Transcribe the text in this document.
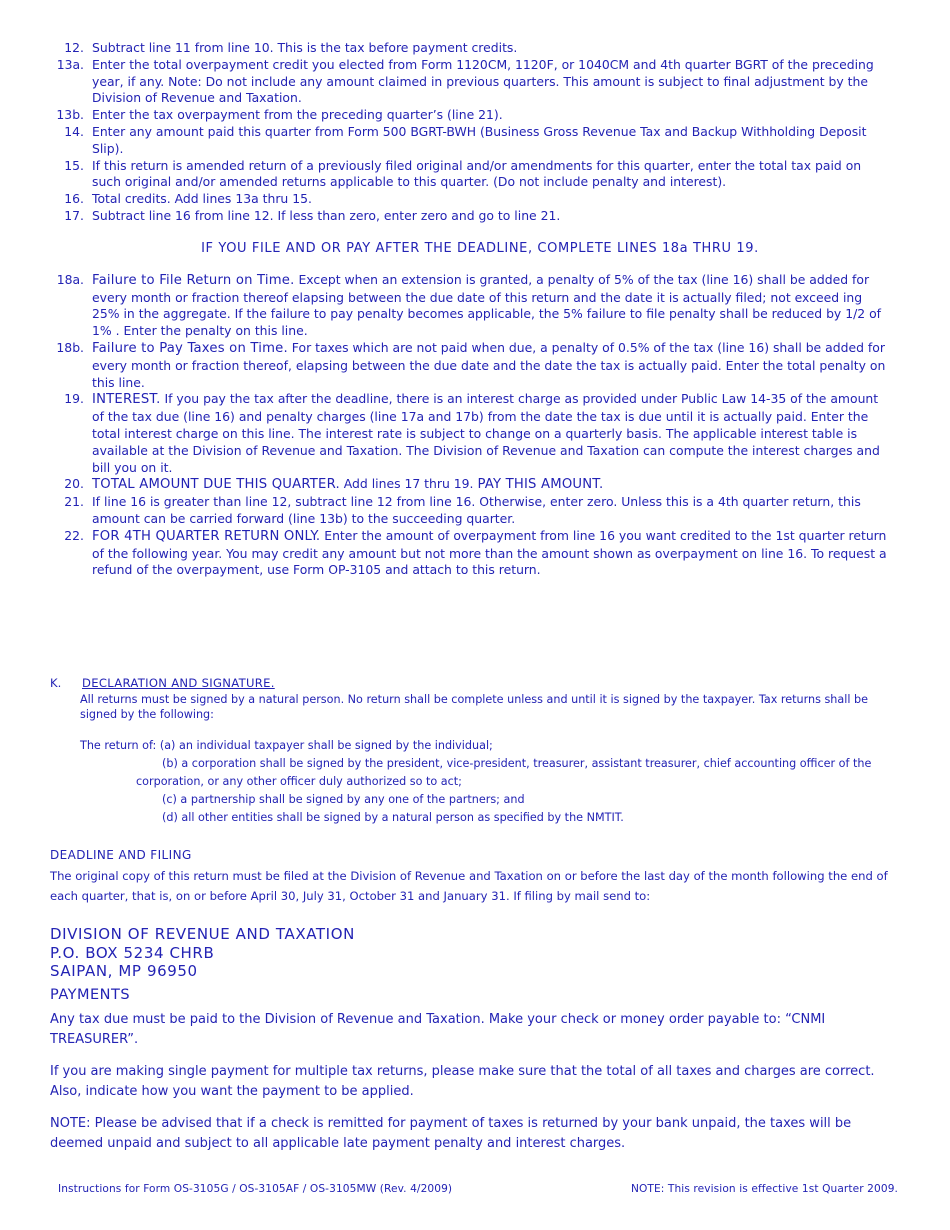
12. Subtract line 11 from line 10. This is the tax before payment credits.
13a. Enter the total overpayment credit you elected from Form 1120CM, 1120F, or 1040CM and 4th quarter BGRT of the preceding year, if any. Note: Do not include any amount claimed in previous quarters. This amount is subject to final adjustment by the Division of Revenue and Taxation.
13b. Enter the tax overpayment from the preceding quarter’s (line 21).
14. Enter any amount paid this quarter from Form 500 BGRT-BWH (Business Gross Revenue Tax and Backup Withholding Deposit Slip).
15. If this return is amended return of a previously filed original and/or amendments for this quarter, enter the total tax paid on such original and/or amended returns applicable to this quarter. (Do not include penalty and interest).
16. Total credits. Add lines 13a thru 15.
17. Subtract line 16 from line 12. If less than zero, enter zero and go to line 21.
IF YOU FILE AND OR PAY AFTER THE DEADLINE, COMPLETE LINES 18a THRU 19.
18a. Failure to File Return on Time. Except when an extension is granted, a penalty of 5% of the tax (line 16) shall be added for every month or fraction thereof elapsing between the due date of this return and the date it is actually filed; not exceed ing 25% in the aggregate. If the failure to pay penalty becomes applicable, the 5% failure to file penalty shall be reduced by 1/2 of 1% . Enter the penalty on this line.
18b. Failure to Pay Taxes on Time. For taxes which are not paid when due, a penalty of 0.5% of the tax (line 16) shall be added for every month or fraction thereof, elapsing between the due date and the date the tax is actually paid. Enter the total penalty on this line.
19. INTEREST. If you pay the tax after the deadline, there is an interest charge as provided under Public Law 14-35 of the amount of the tax due (line 16) and penalty charges (line 17a and 17b) from the date the tax is due until it is actually paid. Enter the total interest charge on this line. The interest rate is subject to change on a quarterly basis. The applicable interest table is available at the Division of Revenue and Taxation. The Division of Revenue and Taxation can compute the interest charges and bill you on it.
20. TOTAL AMOUNT DUE THIS QUARTER. Add lines 17 thru 19. PAY THIS AMOUNT.
21. If line 16 is greater than line 12, subtract line 12 from line 16. Otherwise, enter zero. Unless this is a 4th quarter return, this amount can be carried forward (line 13b) to the succeeding quarter.
22. FOR 4TH QUARTER RETURN ONLY. Enter the amount of overpayment from line 16 you want credited to the 1st quarter return of the following year. You may credit any amount but not more than the amount shown as overpayment on line 16. To request a refund of the overpayment, use Form OP-3105 and attach to this return.
K.	DECLARATION AND SIGNATURE.
All returns must be signed by a natural person. No return shall be complete unless and until it is signed by the taxpayer. Tax returns shall be signed by the following:
The return of: (a) an individual taxpayer shall be signed by the individual;
(b) a corporation shall be signed by the president, vice-president, treasurer, assistant treasurer, chief accounting officer of the
corporation, or any other officer duly authorized so to act;
(c) a partnership shall be signed by any one of the partners; and
(d) all other entities shall be signed by a natural person as specified by the NMTIT.
DEADLINE AND FILING
The original copy of this return must be filed at the Division of Revenue and Taxation on or before the last day of the month following the end of each quarter, that is, on or before April 30, July 31, October 31 and January 31. If filing by mail send to:
DIVISION OF REVENUE AND TAXATION
P.O. BOX 5234 CHRB
SAIPAN, MP 96950
PAYMENTS
Any tax due must be paid to the Division of Revenue and Taxation. Make your check or money order payable to: “CNMI TREASURER”.
If you are making single payment for multiple tax returns, please make sure that the total of all taxes and charges are correct. Also, indicate how you want the payment to be applied.
NOTE: Please be advised that if a check is remitted for payment of taxes is returned by your bank unpaid, the taxes will be deemed unpaid and subject to all applicable late payment penalty and interest charges.
Instructions for Form OS-3105G / OS-3105AF / OS-3105MW (Rev. 4/2009)	NOTE: This revision is effective 1st Quarter 2009.
